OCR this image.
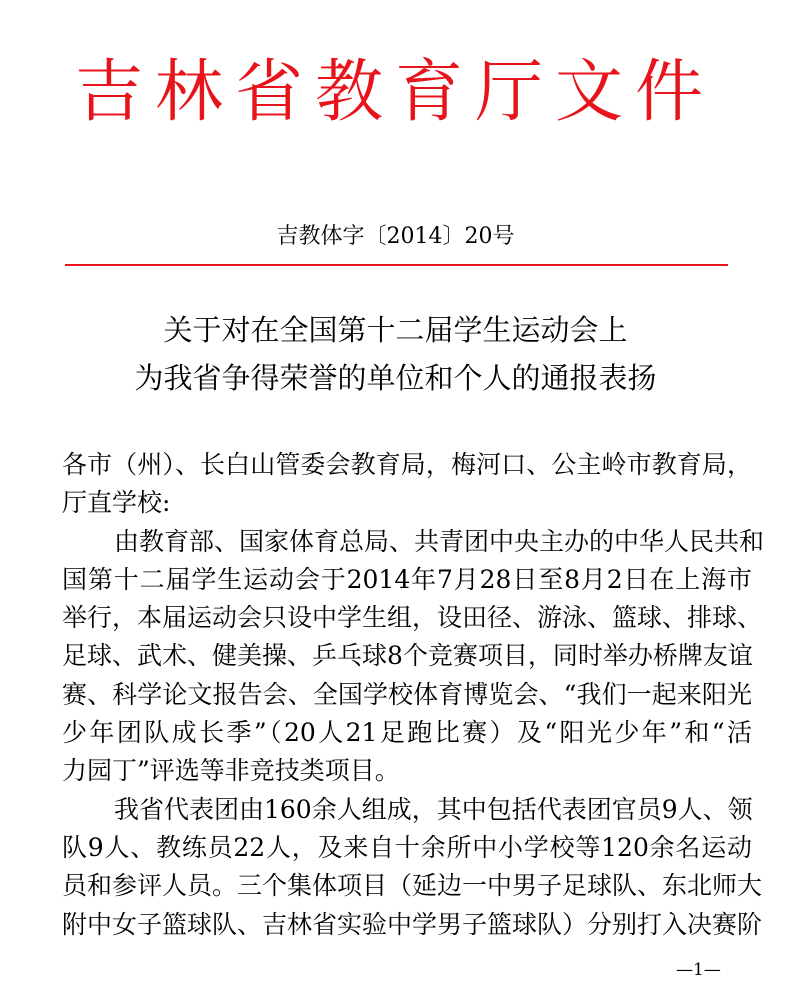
吉林省教育厅文件
吉教体字〔2014〕20号
关于对在全国第十二届学生运动会上
为我省争得荣誉的单位和个人的通报表扬
各市（州）、长白山管委会教育局，梅河口、公主岭市教育局，
厅直学校:
由教育部、国家体育总局、共青团中央主办的中华人民共和
国第十二届学生运动会于2014年7月28日至8月2日在上海市
举行，本届运动会只设中学生组，设田径、游泳、篮球、排球、
足球、武术、健美操、乒乓球8个竞赛项目，同时举办桥牌友谊
赛、科学论文报告会、全国学校体育博览会、“我们一起来阳光
少年团队成长季”（20人21足跑比赛）及“阳光少年”和“活
力园丁”评选等非竞技类项目。
我省代表团由160余人组成，其中包括代表团官员9人、领
队9人、教练员22人，及来自十余所中小学校等120余名运动
员和参评人员。三个集体项目（延边一中男子足球队、东北师大
附中女子篮球队、吉林省实验中学男子篮球队）分别打入决赛阶
—1—
